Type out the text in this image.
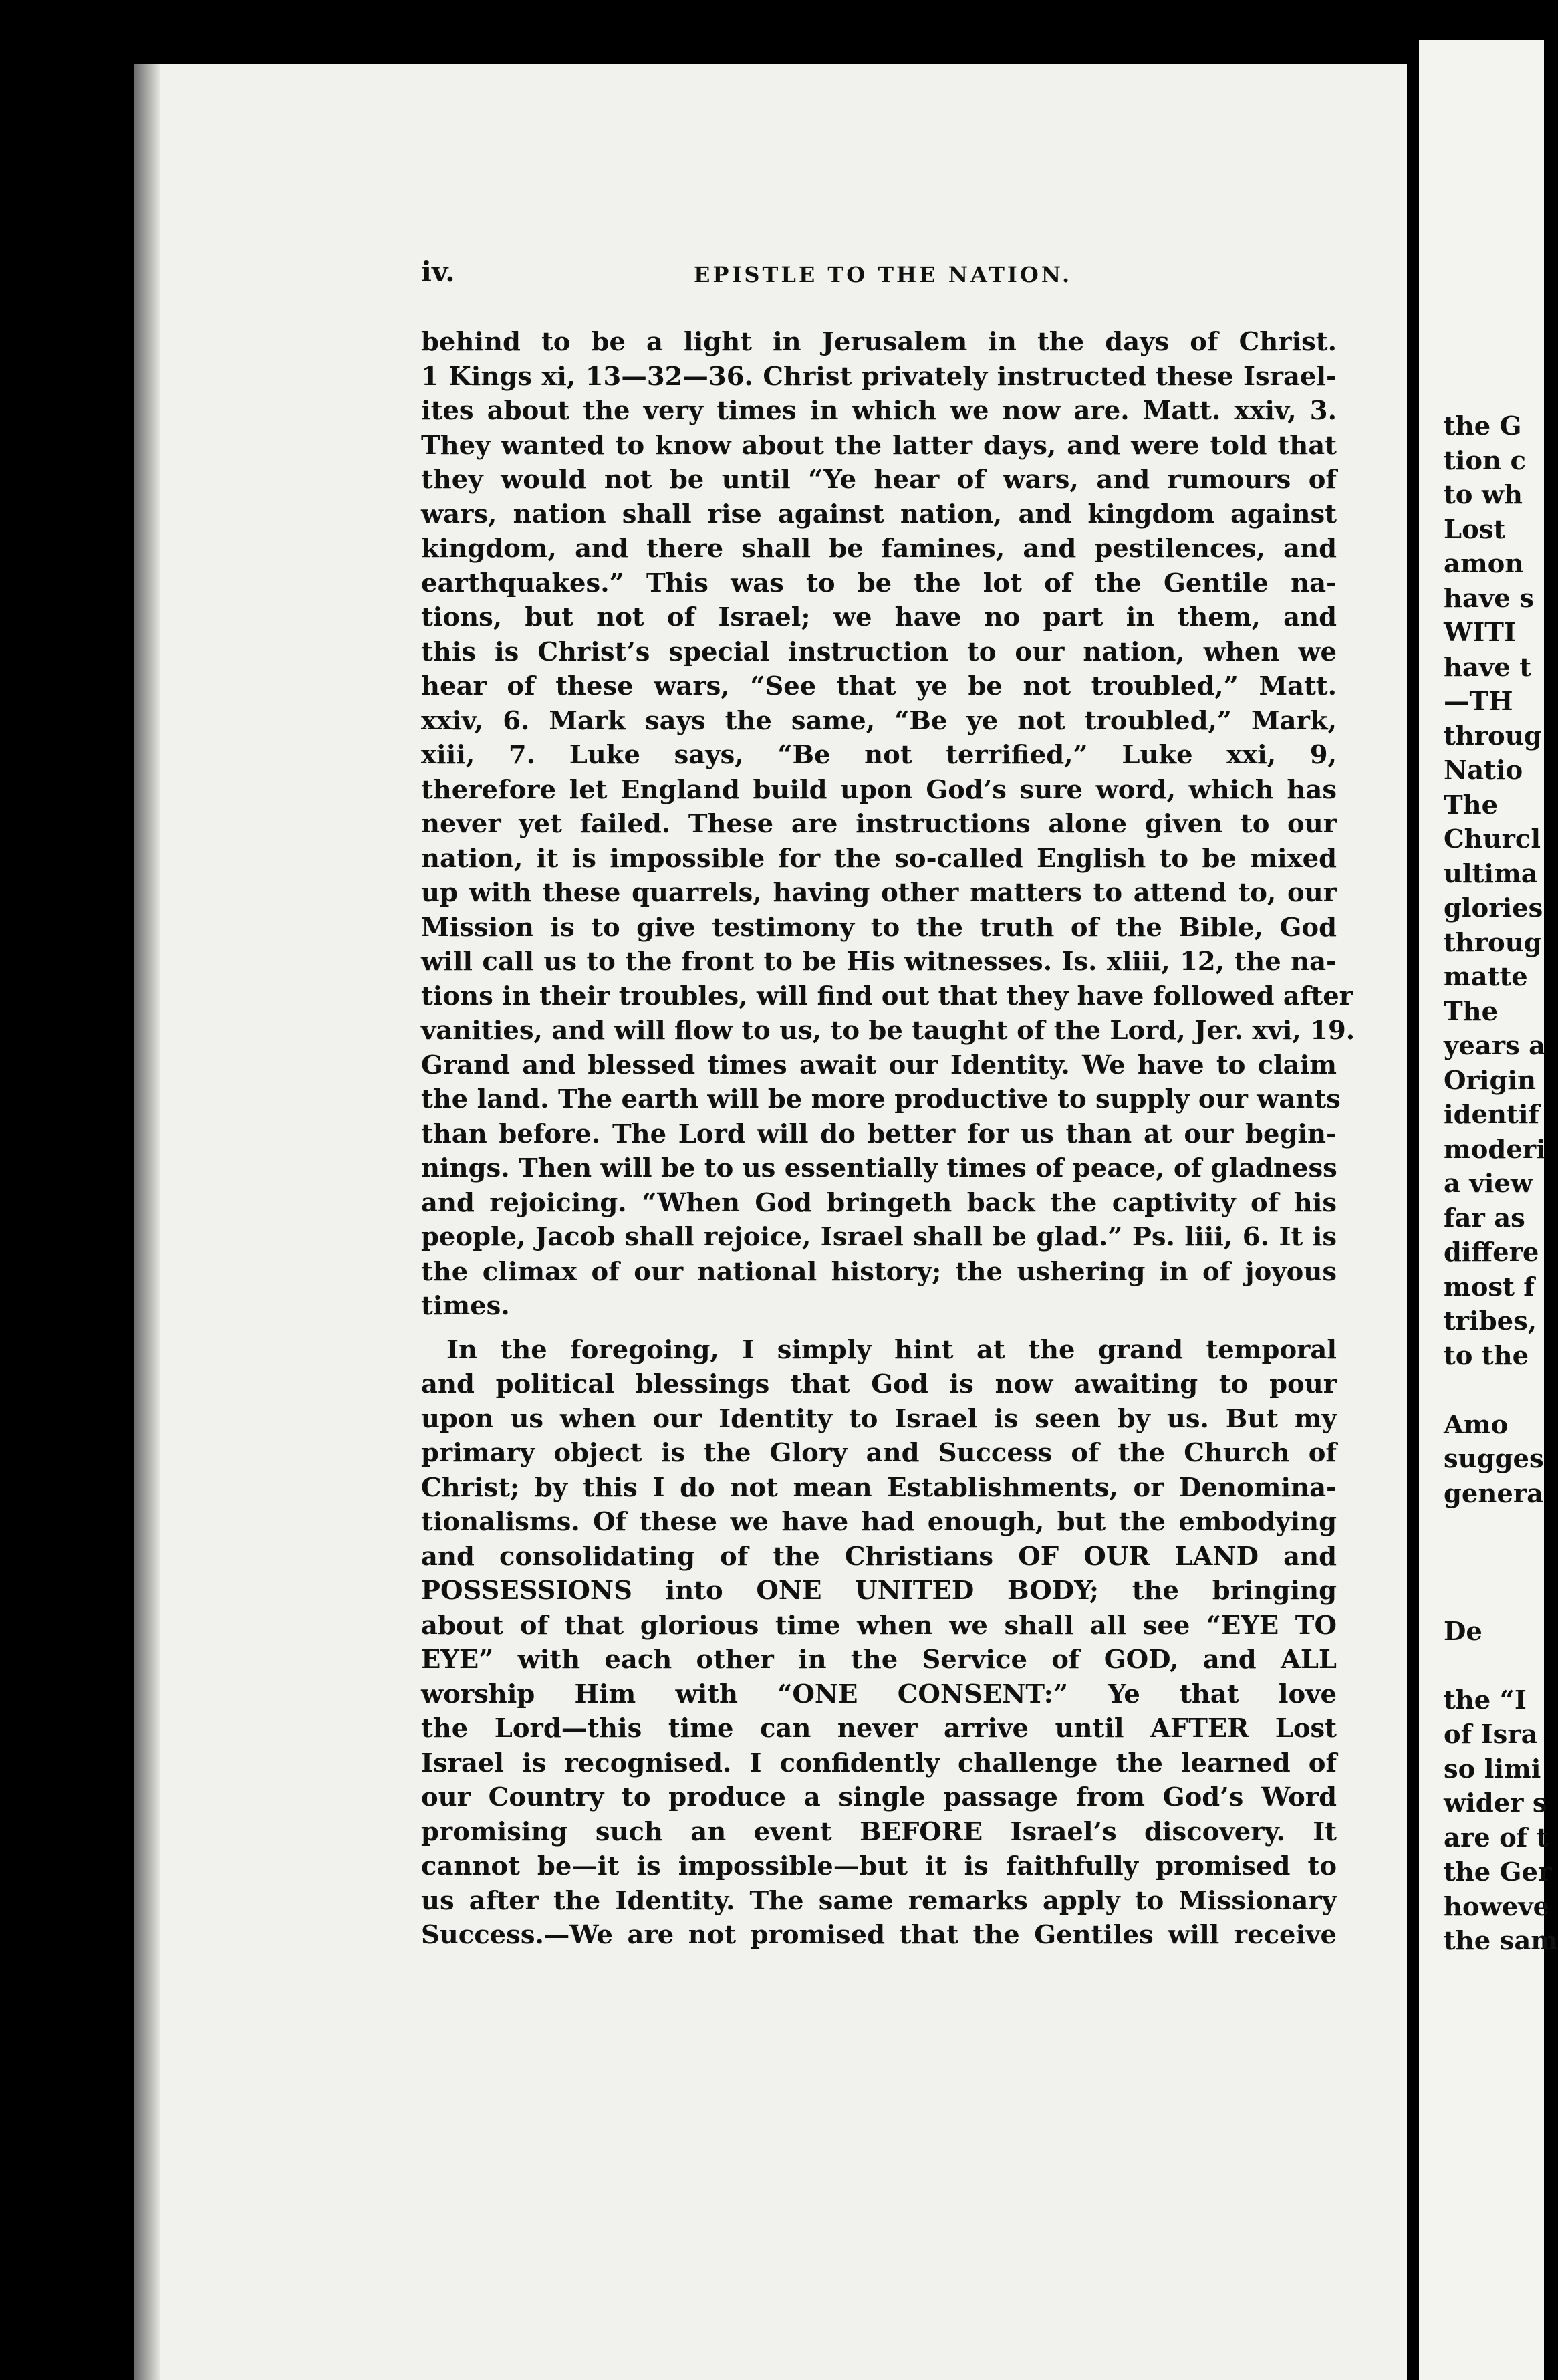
iv.	EPISTLE TO THE NATION.
behind to be a light in Jerusalem in the days of Christ.
1 Kings xi, 13—32—36. Christ privately instructed these Israel-
ites about the very times in which we now are. Matt. xxiv, 3.
They wanted to know about the latter days, and were told that
they would not be until “Ye hear of wars, and rumours of
wars, nation shall rise against nation, and kingdom against
kingdom, and there shall be famines, and pestilences, and
earthquakes.” This was to be the lot of the Gentile na-
tions, but not of Israel; we have no part in them, and
this is Christ’s special instruction to our nation, when we
hear of these wars, “See that ye be not troubled,” Matt.
xxiv, 6. Mark says the same, “Be ye not troubled,” Mark,
xiii, 7. Luke says, “Be not terrified,” Luke xxi, 9,
therefore let England build upon God’s sure word, which has
never yet failed. These are instructions alone given to our
nation, it is impossible for the so-called English to be mixed
up with these quarrels, having other matters to attend to, our
Mission is to give testimony to the truth of the Bible, God
will call us to the front to be His witnesses. Is. xliii, 12, the na-
tions in their troubles, will find out that they have followed after
vanities, and will flow to us, to be taught of the Lord, Jer. xvi, 19.
Grand and blessed times await our Identity. We have to claim
the land. The earth will be more productive to supply our wants
than before. The Lord will do better for us than at our begin-
nings. Then will be to us essentially times of peace, of gladness
and rejoicing. “When God bringeth back the captivity of his
people, Jacob shall rejoice, Israel shall be glad.” Ps. liii, 6. It is
the climax of our national history; the ushering in of joyous
times.
In the foregoing, I simply hint at the grand temporal
and political blessings that God is now awaiting to pour
upon us when our Identity to Israel is seen by us. But my
primary object is the Glory and Success of the Church of
Christ; by this I do not mean Establishments, or Denomina-
tionalisms. Of these we have had enough, but the embodying
and consolidating of the Christians OF OUR LAND and
POSSESSIONS into ONE UNITED BODY; the bringing
about of that glorious time when we shall all see “EYE TO
EYE” with each other in the Service of GOD, and ALL
worship Him with “ONE CONSENT:” Ye that love
the Lord—this time can never arrive until AFTER Lost
Israel is recognised. I confidently challenge the learned of
our Country to produce a single passage from God’s Word
promising such an event BEFORE Israel’s discovery. It
cannot be—it is impossible—but it is faithfully promised to
us after the Identity. The same remarks apply to Missionary
Success.—We are not promised that the Gentiles will receive
the G
tion c
to wh
Lost
amon
have s
WITI
have t
—TH
throug
Natio
The
Churcl
ultima
glories
throug
matte
The
years a
Origin
identif
moderi
a view
far as
differe
most f
tribes,
to the
Amo
sugges
genera
De
the “I
of Isra
so limi
wider s
are of t
the Ger
howeve
the sam
